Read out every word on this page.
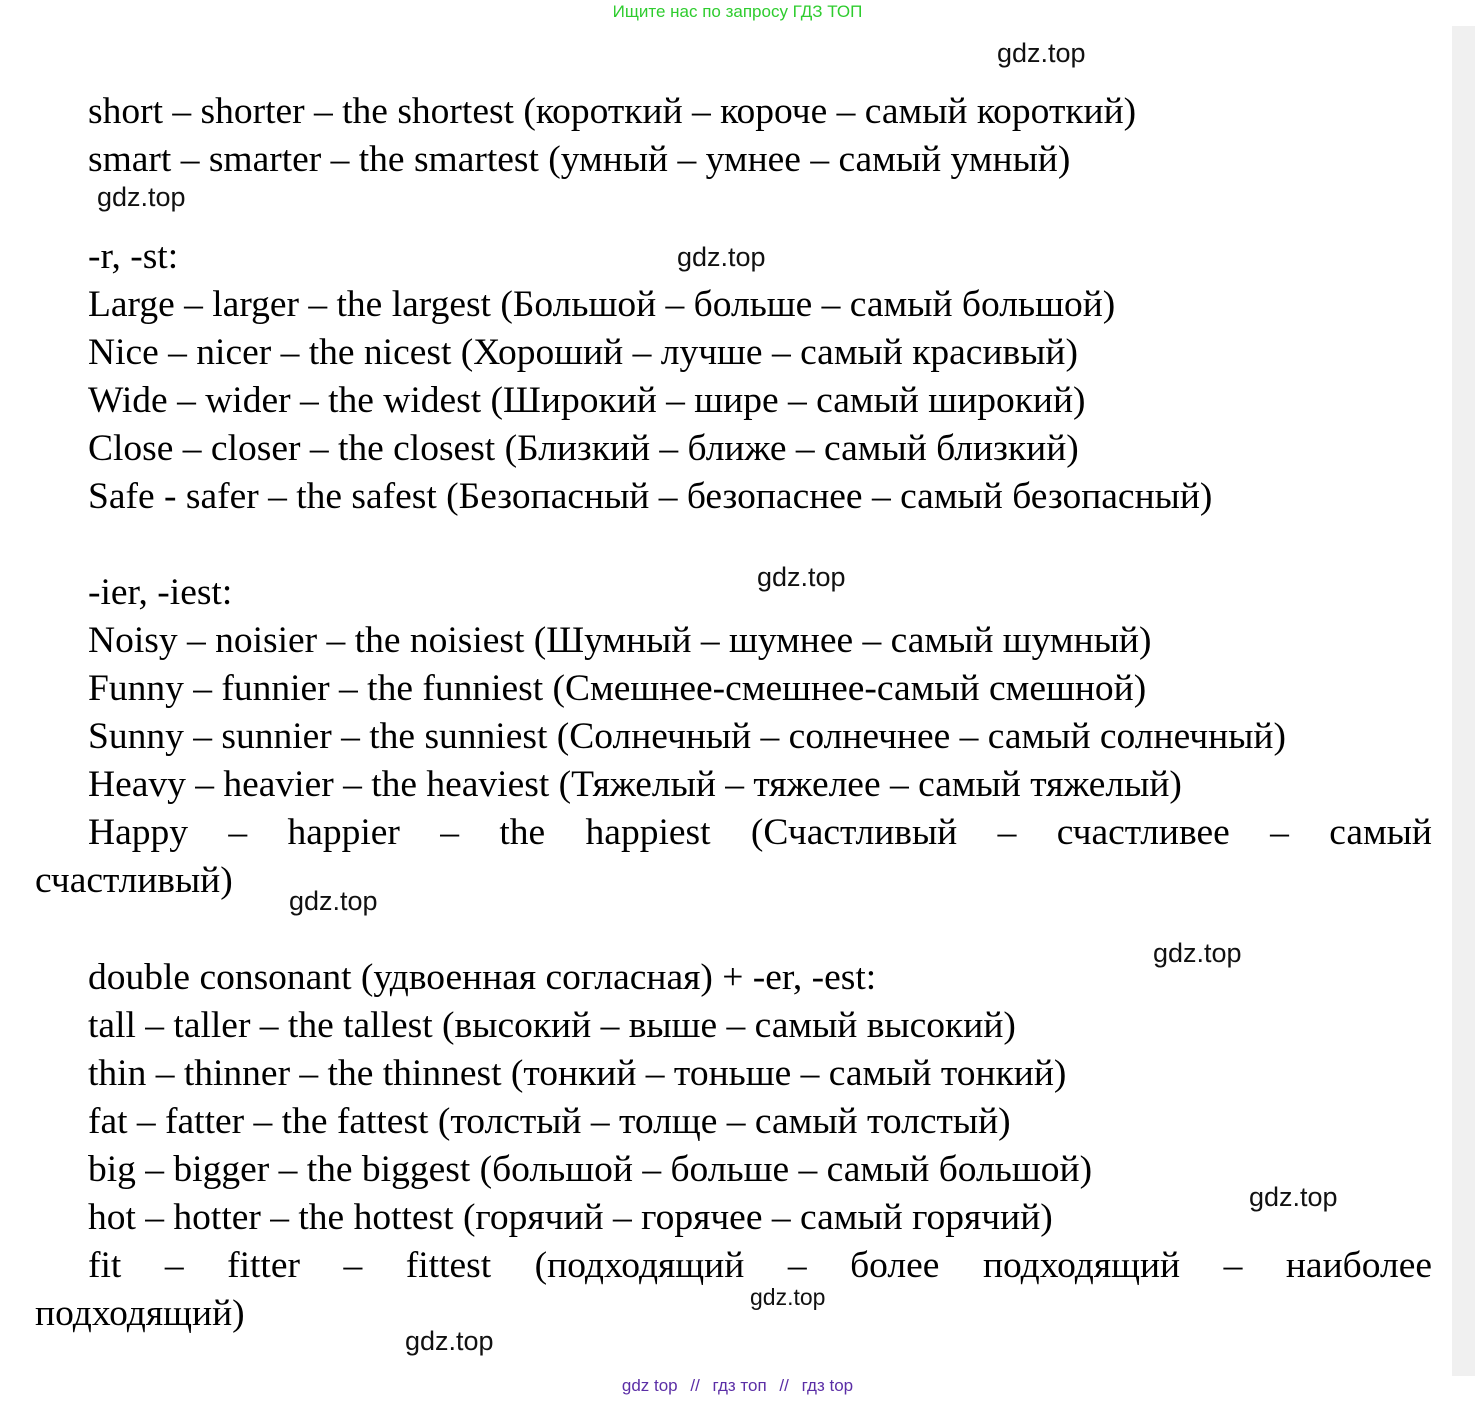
Ищите нас по запросу ГДЗ ТОП
gdz.top
gdz.top
gdz.top
gdz.top
gdz.top
gdz.top
gdz.top
gdz.top
gdz.top

short – shorter – the shortest (короткий – короче – самый короткий)

smart – smarter – the smartest (умный – умнее – самый умный)

-r, -st:

Large – larger – the largest (Большой – больше – самый большой)

Nice – nicer – the nicest (Хороший – лучше – самый красивый)

Wide – wider – the widest (Широкий – шире – самый широкий)

Close – closer – the closest (Близкий – ближе – самый близкий)

Safe - safer – the safest (Безопасный – безопаснее – самый безопасный)

-ier, -iest:

Noisy – noisier – the noisiest (Шумный – шумнее – самый шумный)

Funny – funnier – the funniest (Смешнее-смешнее-самый смешной)

Sunny – sunnier – the sunniest (Солнечный – солнечнее – самый солнечный)

Heavy – heavier – the heaviest (Тяжелый – тяжелее – самый тяжелый)

Happy – happier – the happiest (Счастливый – счастливее – самый

счастливый)

double consonant (удвоенная согласная) + -er, -est:

tall – taller – the tallest (высокий – выше – самый высокий)

thin – thinner – the thinnest (тонкий – тоньше – самый тонкий)

fat – fatter – the fattest (толстый – толще – самый толстый)

big – bigger – the biggest (большой – больше – самый большой)

hot – hotter – the hottest (горячий – горячее – самый горячий)

fit – fitter – fittest (подходящий – более подходящий – наиболее

подходящий)

gdz top // гдз топ // гдз top
